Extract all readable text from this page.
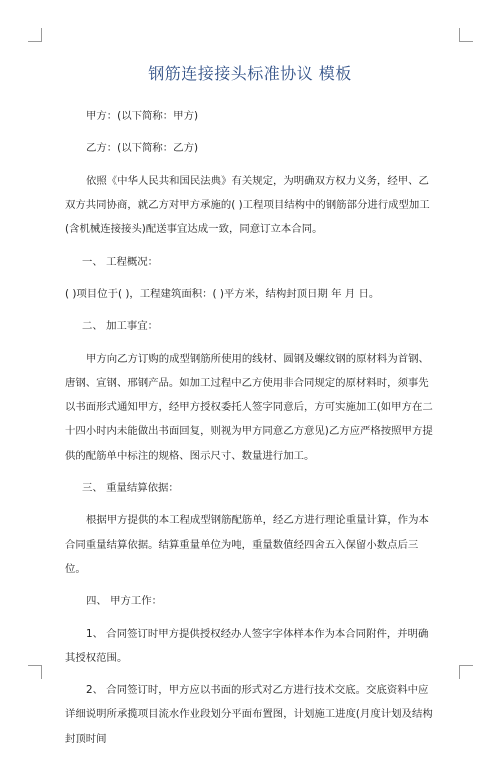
钢筋连接接头标准协议 模板

甲方：(以下简称：甲方)

乙方：(以下简称：乙方)

依照《中华人民共和国民法典》有关规定，为明确双方权力义务，经甲、乙双方共同协商，就乙方对甲方承施的( )工程项目结构中的钢筋部分进行成型加工(含机械连接接头)配送事宜达成一致，同意订立本合同。

一、 工程概况：

( )项目位于( )，工程建筑面积：( )平方米，结构封顶日期 年 月 日。

二、 加工事宜：

甲方向乙方订购的成型钢筋所使用的线材、圆钢及螺纹钢的原材料为首钢、唐钢、宣钢、邢钢产品。如加工过程中乙方使用非合同规定的原材料时，须事先以书面形式通知甲方，经甲方授权委托人签字同意后，方可实施加工(如甲方在二十四小时内未能做出书面回复，则视为甲方同意乙方意见)乙方应严格按照甲方提供的配筋单中标注的规格、图示尺寸、数量进行加工。

三、 重量结算依据：

根据甲方提供的本工程成型钢筋配筋单，经乙方进行理论重量计算，作为本合同重量结算依据。结算重量单位为吨，重量数值经四舍五入保留小数点后三位。

四、 甲方工作：

1、 合同签订时甲方提供授权经办人签字字体样本作为本合同附件，并明确其授权范围。

2、 合同签订时，甲方应以书面的形式对乙方进行技术交底。交底资料中应详细说明所承揽项目流水作业段划分平面布置图，计划施工进度(月度计划及结构封顶时间
